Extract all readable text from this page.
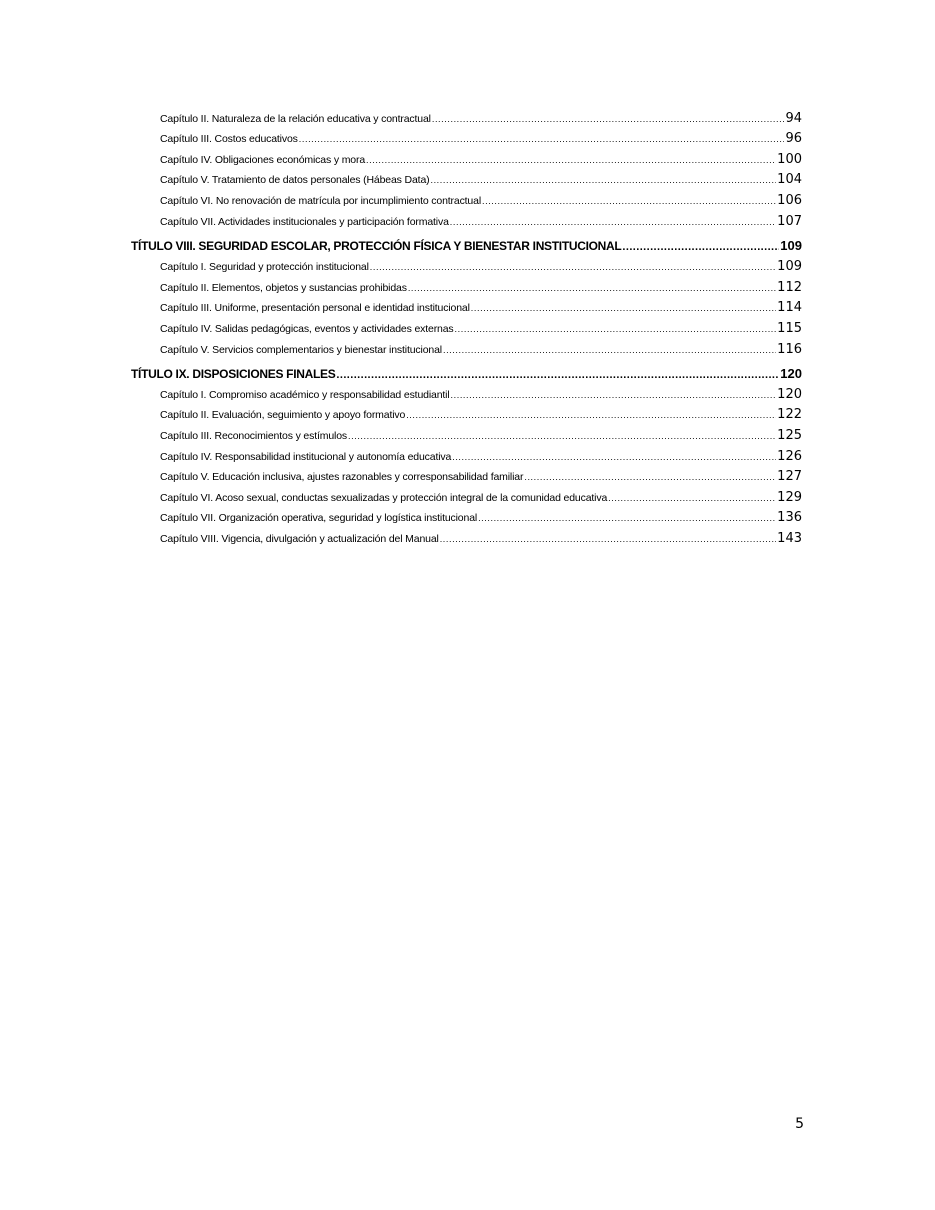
Capítulo II. Naturaleza de la relación educativa y contractual .....	94
Capítulo III. Costos educativos .....	96
Capítulo IV. Obligaciones económicas y mora .....	100
Capítulo V. Tratamiento de datos personales (Hábeas Data) .....	104
Capítulo VI. No renovación de matrícula por incumplimiento contractual .....	106
Capítulo VII. Actividades institucionales y participación formativa .....	107
TÍTULO VIII. SEGURIDAD ESCOLAR, PROTECCIÓN FÍSICA Y BIENESTAR INSTITUCIONAL .....	109
Capítulo I. Seguridad y protección institucional .....	109
Capítulo II. Elementos, objetos y sustancias prohibidas .....	112
Capítulo III. Uniforme, presentación personal e identidad institucional .....	114
Capítulo IV. Salidas pedagógicas, eventos y actividades externas .....	115
Capítulo V. Servicios complementarios y bienestar institucional .....	116
TÍTULO IX. DISPOSICIONES FINALES .....	120
Capítulo I. Compromiso académico y responsabilidad estudiantil .....	120
Capítulo II. Evaluación, seguimiento y apoyo formativo .....	122
Capítulo III. Reconocimientos y estímulos .....	125
Capítulo IV. Responsabilidad institucional y autonomía educativa .....	126
Capítulo V. Educación inclusiva, ajustes razonables y corresponsabilidad familiar .....	127
Capítulo VI. Acoso sexual, conductas sexualizadas y protección integral de la comunidad educativa .....	129
Capítulo VII. Organización operativa, seguridad y logística institucional .....	136
Capítulo VIII. Vigencia, divulgación y actualización del Manual .....	143
5
